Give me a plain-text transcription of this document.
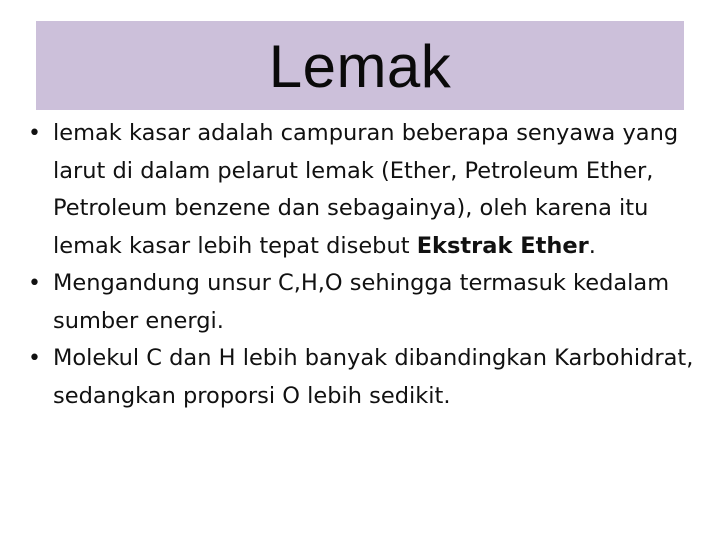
Lemak
• lemak kasar adalah campuran beberapa senyawa yang larut di dalam pelarut lemak (Ether, Petroleum Ether, Petroleum benzene dan sebagainya), oleh karena itu lemak kasar lebih tepat disebut Ekstrak Ether.
• Mengandung unsur C,H,O sehingga termasuk kedalam sumber energi.
• Molekul C dan H lebih banyak dibandingkan Karbohidrat, sedangkan proporsi O lebih sedikit.
